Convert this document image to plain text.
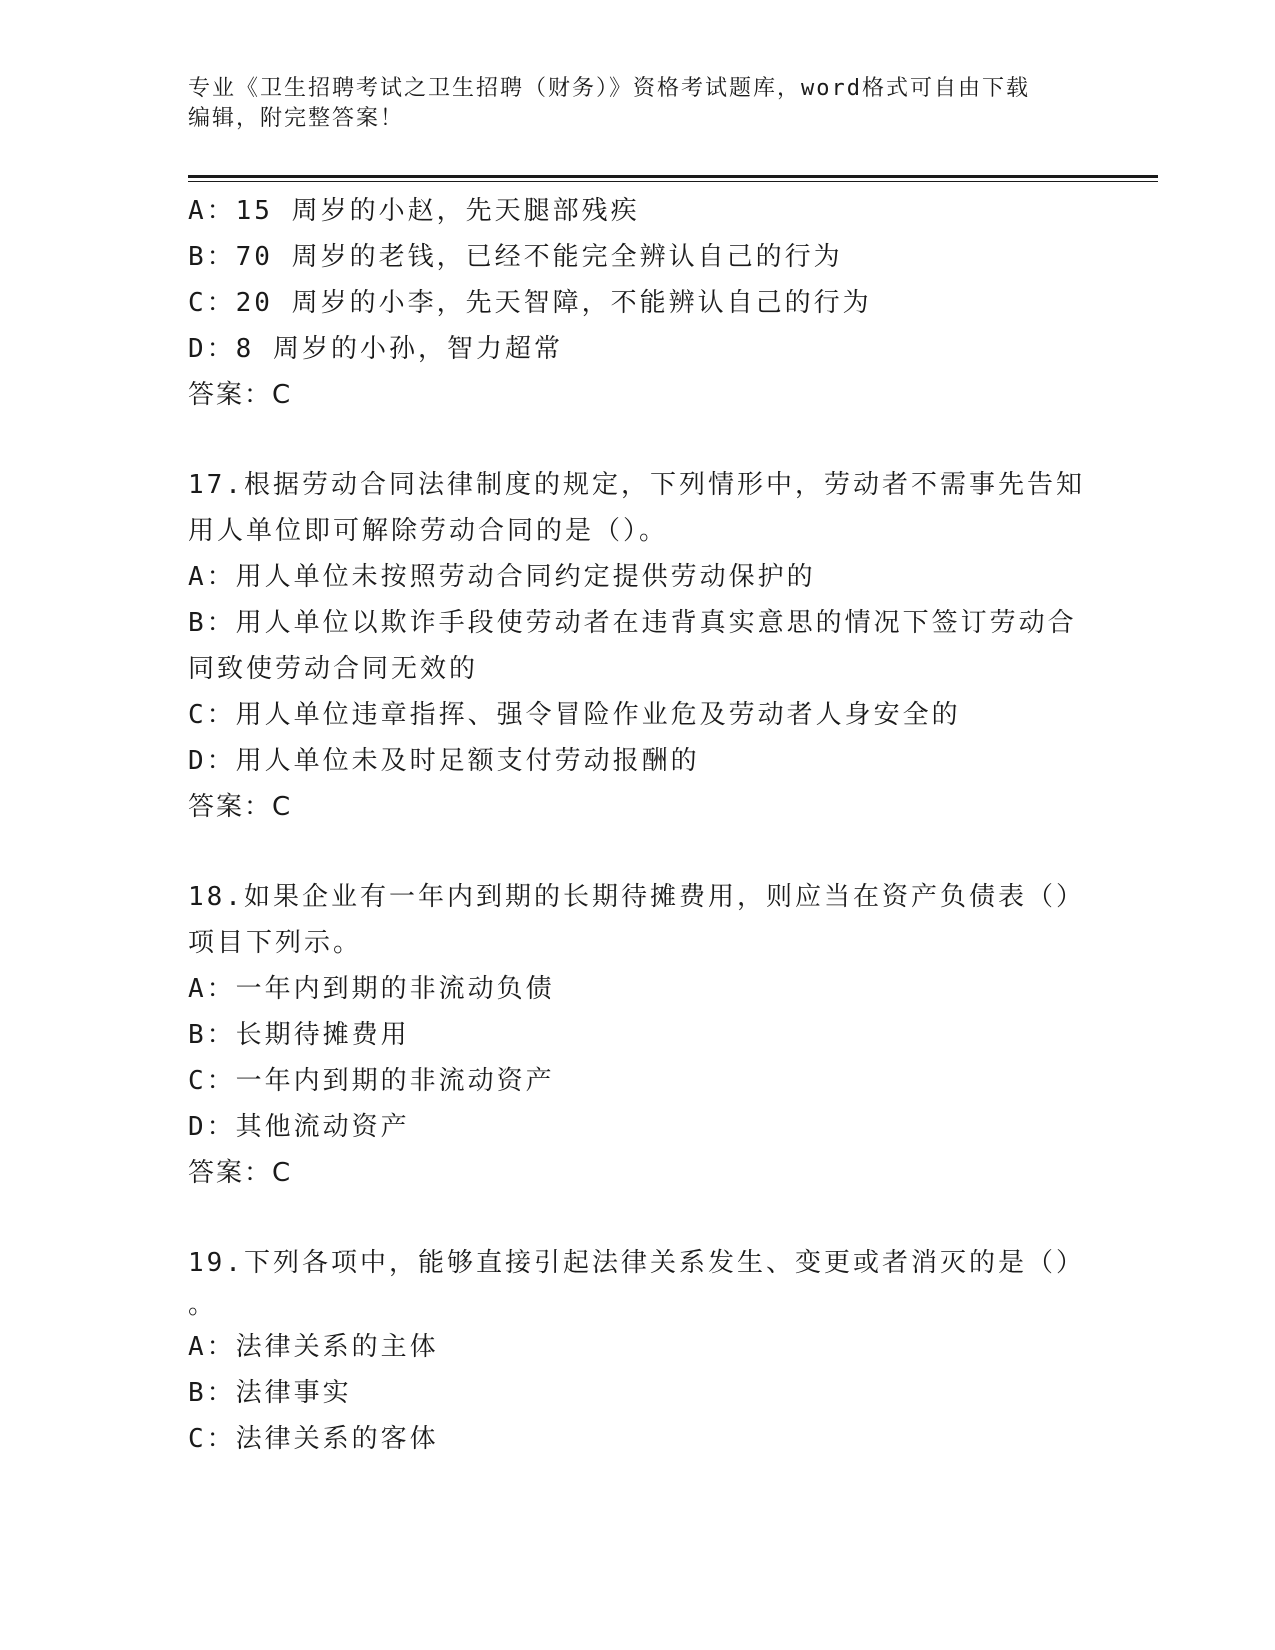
专业《卫生招聘考试之卫生招聘（财务）》资格考试题库，word格式可自由下载
编辑，附完整答案！
A：15 周岁的小赵，先天腿部残疾
B：70 周岁的老钱，已经不能完全辨认自己的行为
C：20 周岁的小李，先天智障，不能辨认自己的行为
D：8 周岁的小孙，智力超常
答案：C
17.根据劳动合同法律制度的规定，下列情形中，劳动者不需事先告知
用人单位即可解除劳动合同的是（）。
A：用人单位未按照劳动合同约定提供劳动保护的
B：用人单位以欺诈手段使劳动者在违背真实意思的情况下签订劳动合
同致使劳动合同无效的
C：用人单位违章指挥、强令冒险作业危及劳动者人身安全的
D：用人单位未及时足额支付劳动报酬的
答案：C
18.如果企业有一年内到期的长期待摊费用，则应当在资产负债表（）
项目下列示。
A：一年内到期的非流动负债
B：长期待摊费用
C：一年内到期的非流动资产
D：其他流动资产
答案：C
19.下列各项中，能够直接引起法律关系发生、变更或者消灭的是（）
。
A：法律关系的主体
B：法律事实
C：法律关系的客体
